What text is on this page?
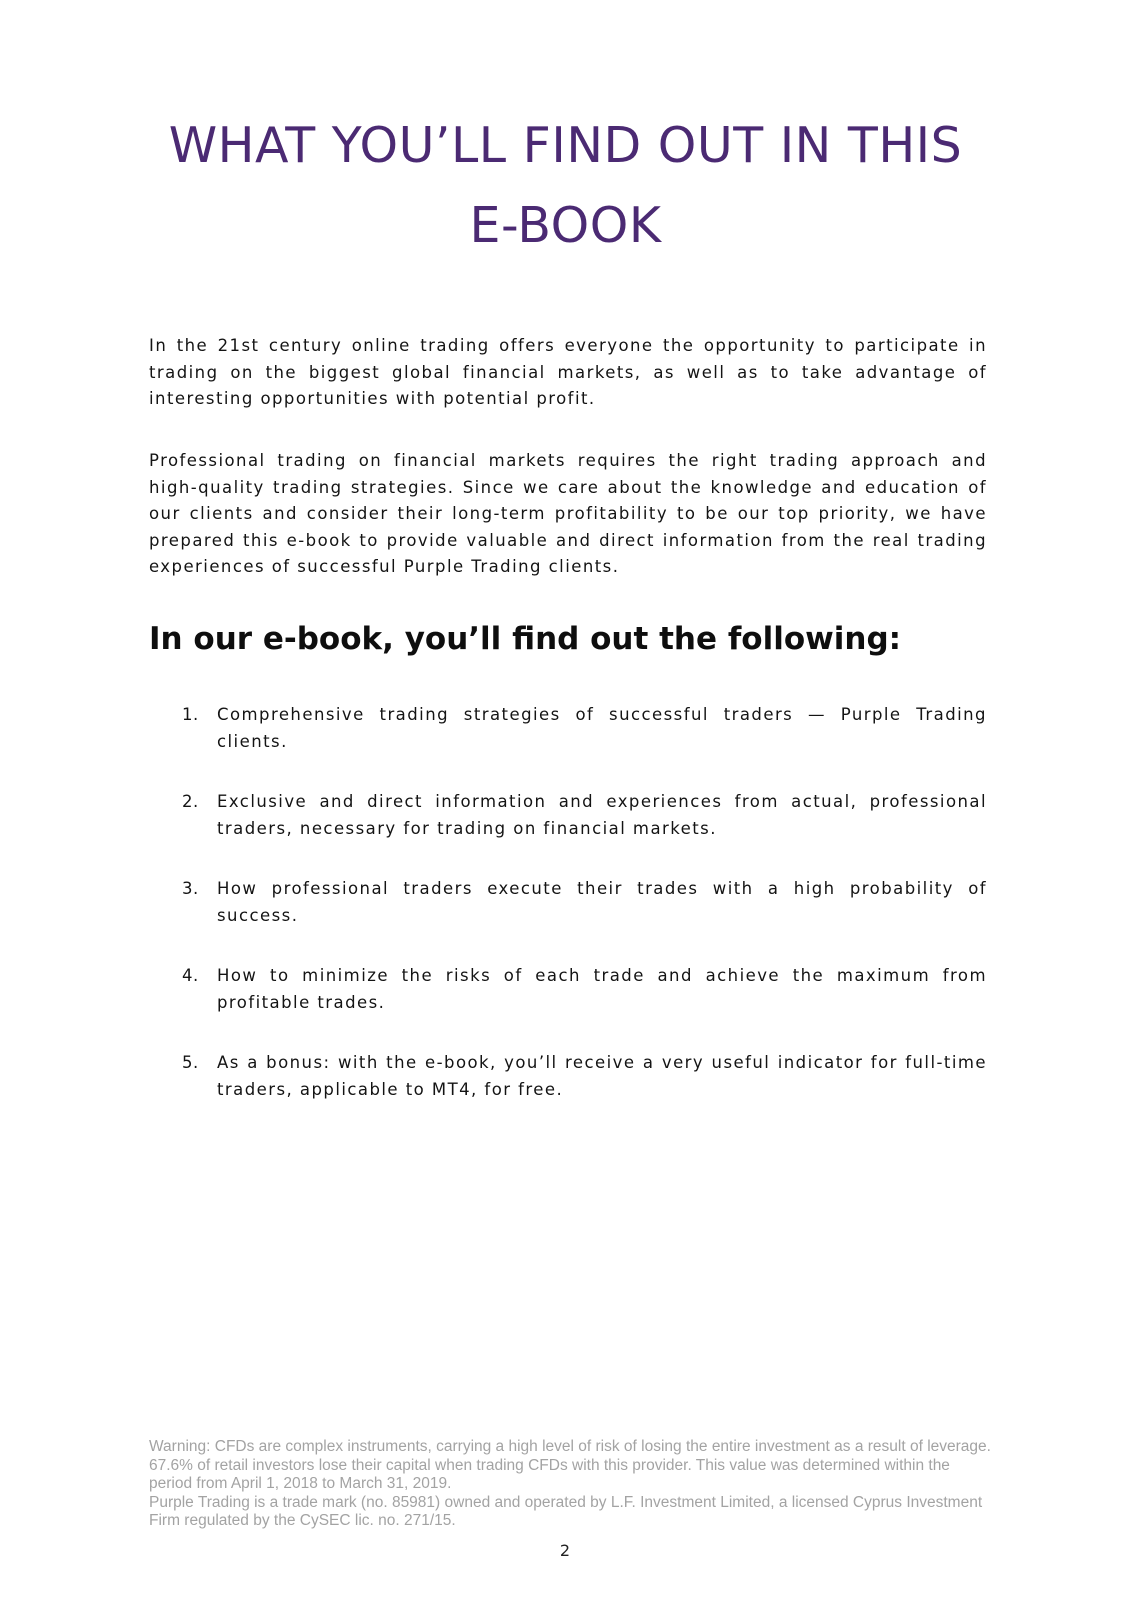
WHAT YOU’LL FIND OUT IN THIS
E-BOOK

In the 21st century online trading offers everyone the opportunity to participate in trading on the biggest global financial markets, as well as to take advantage of interesting opportunities with potential profit.

Professional trading on financial markets requires the right trading approach and high-quality trading strategies. Since we care about the knowledge and education of our clients and consider their long-term profitability to be our top priority, we have prepared this e-book to provide valuable and direct information from the real trading experiences of successful Purple Trading clients.

In our e-book, you’ll find out the following:
1. Comprehensive trading strategies of successful traders — Purple Trading clients.
2. Exclusive and direct information and experiences from actual, professional traders, necessary for trading on financial markets.
3. How professional traders execute their trades with a high probability of success.
4. How to minimize the risks of each trade and achieve the maximum from profitable trades.
5. As a bonus: with the e-book, you’ll receive a very useful indicator for full-time traders, applicable to MT4, for free.
Warning: CFDs are complex instruments, carrying a high level of risk of losing the entire investment as a result of leverage. 67.6% of retail investors lose their capital when trading CFDs with this provider. This value was determined within the period from April 1, 2018 to March 31, 2019.
Purple Trading is a trade mark (no. 85981) owned and operated by L.F. Investment Limited, a licensed Cyprus Investment Firm regulated by the CySEC lic. no. 271/15.
2
